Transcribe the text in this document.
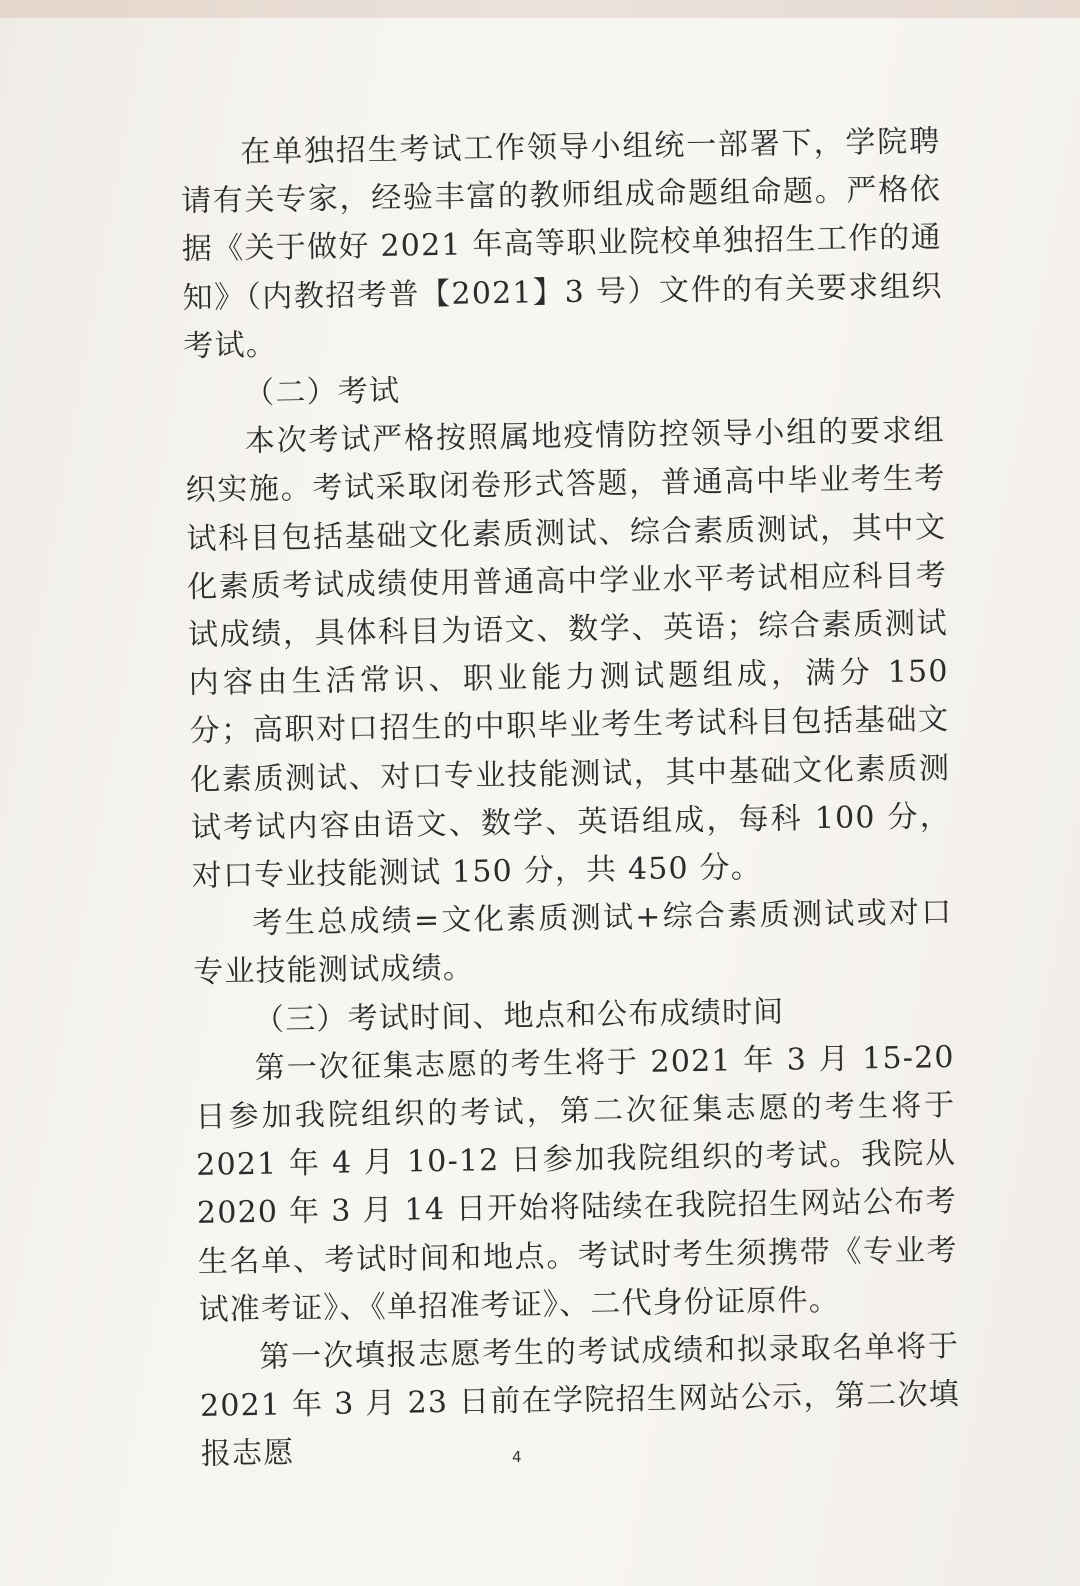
在单独招生考试工作领导小组统一部署下，学院聘请有关专家，经验丰富的教师组成命题组命题。严格依据《关于做好 2021 年高等职业院校单独招生工作的通知》（内教招考普【2021】3 号）文件的有关要求组织考试。

（二）考试

本次考试严格按照属地疫情防控领导小组的要求组织实施。考试采取闭卷形式答题，普通高中毕业考生考试科目包括基础文化素质测试、综合素质测试，其中文化素质考试成绩使用普通高中学业水平考试相应科目考试成绩，具体科目为语文、数学、英语；综合素质测试内容由生活常识、职业能力测试题组成，满分 150 分；高职对口招生的中职毕业考生考试科目包括基础文化素质测试、对口专业技能测试，其中基础文化素质测试考试内容由语文、数学、英语组成，每科 100 分，对口专业技能测试 150 分，共 450 分。

考生总成绩=文化素质测试+综合素质测试或对口专业技能测试成绩。

（三）考试时间、地点和公布成绩时间

第一次征集志愿的考生将于 2021 年 3 月 15-20 日参加我院组织的考试，第二次征集志愿的考生将于 2021 年 4 月 10-12 日参加我院组织的考试。我院从 2020 年 3 月 14 日开始将陆续在我院招生网站公布考生名单、考试时间和地点。考试时考生须携带《专业考试准考证》、《单招准考证》、二代身份证原件。

第一次填报志愿考生的考试成绩和拟录取名单将于 2021 年 3 月 23 日前在学院招生网站公示，第二次填报志愿	4
